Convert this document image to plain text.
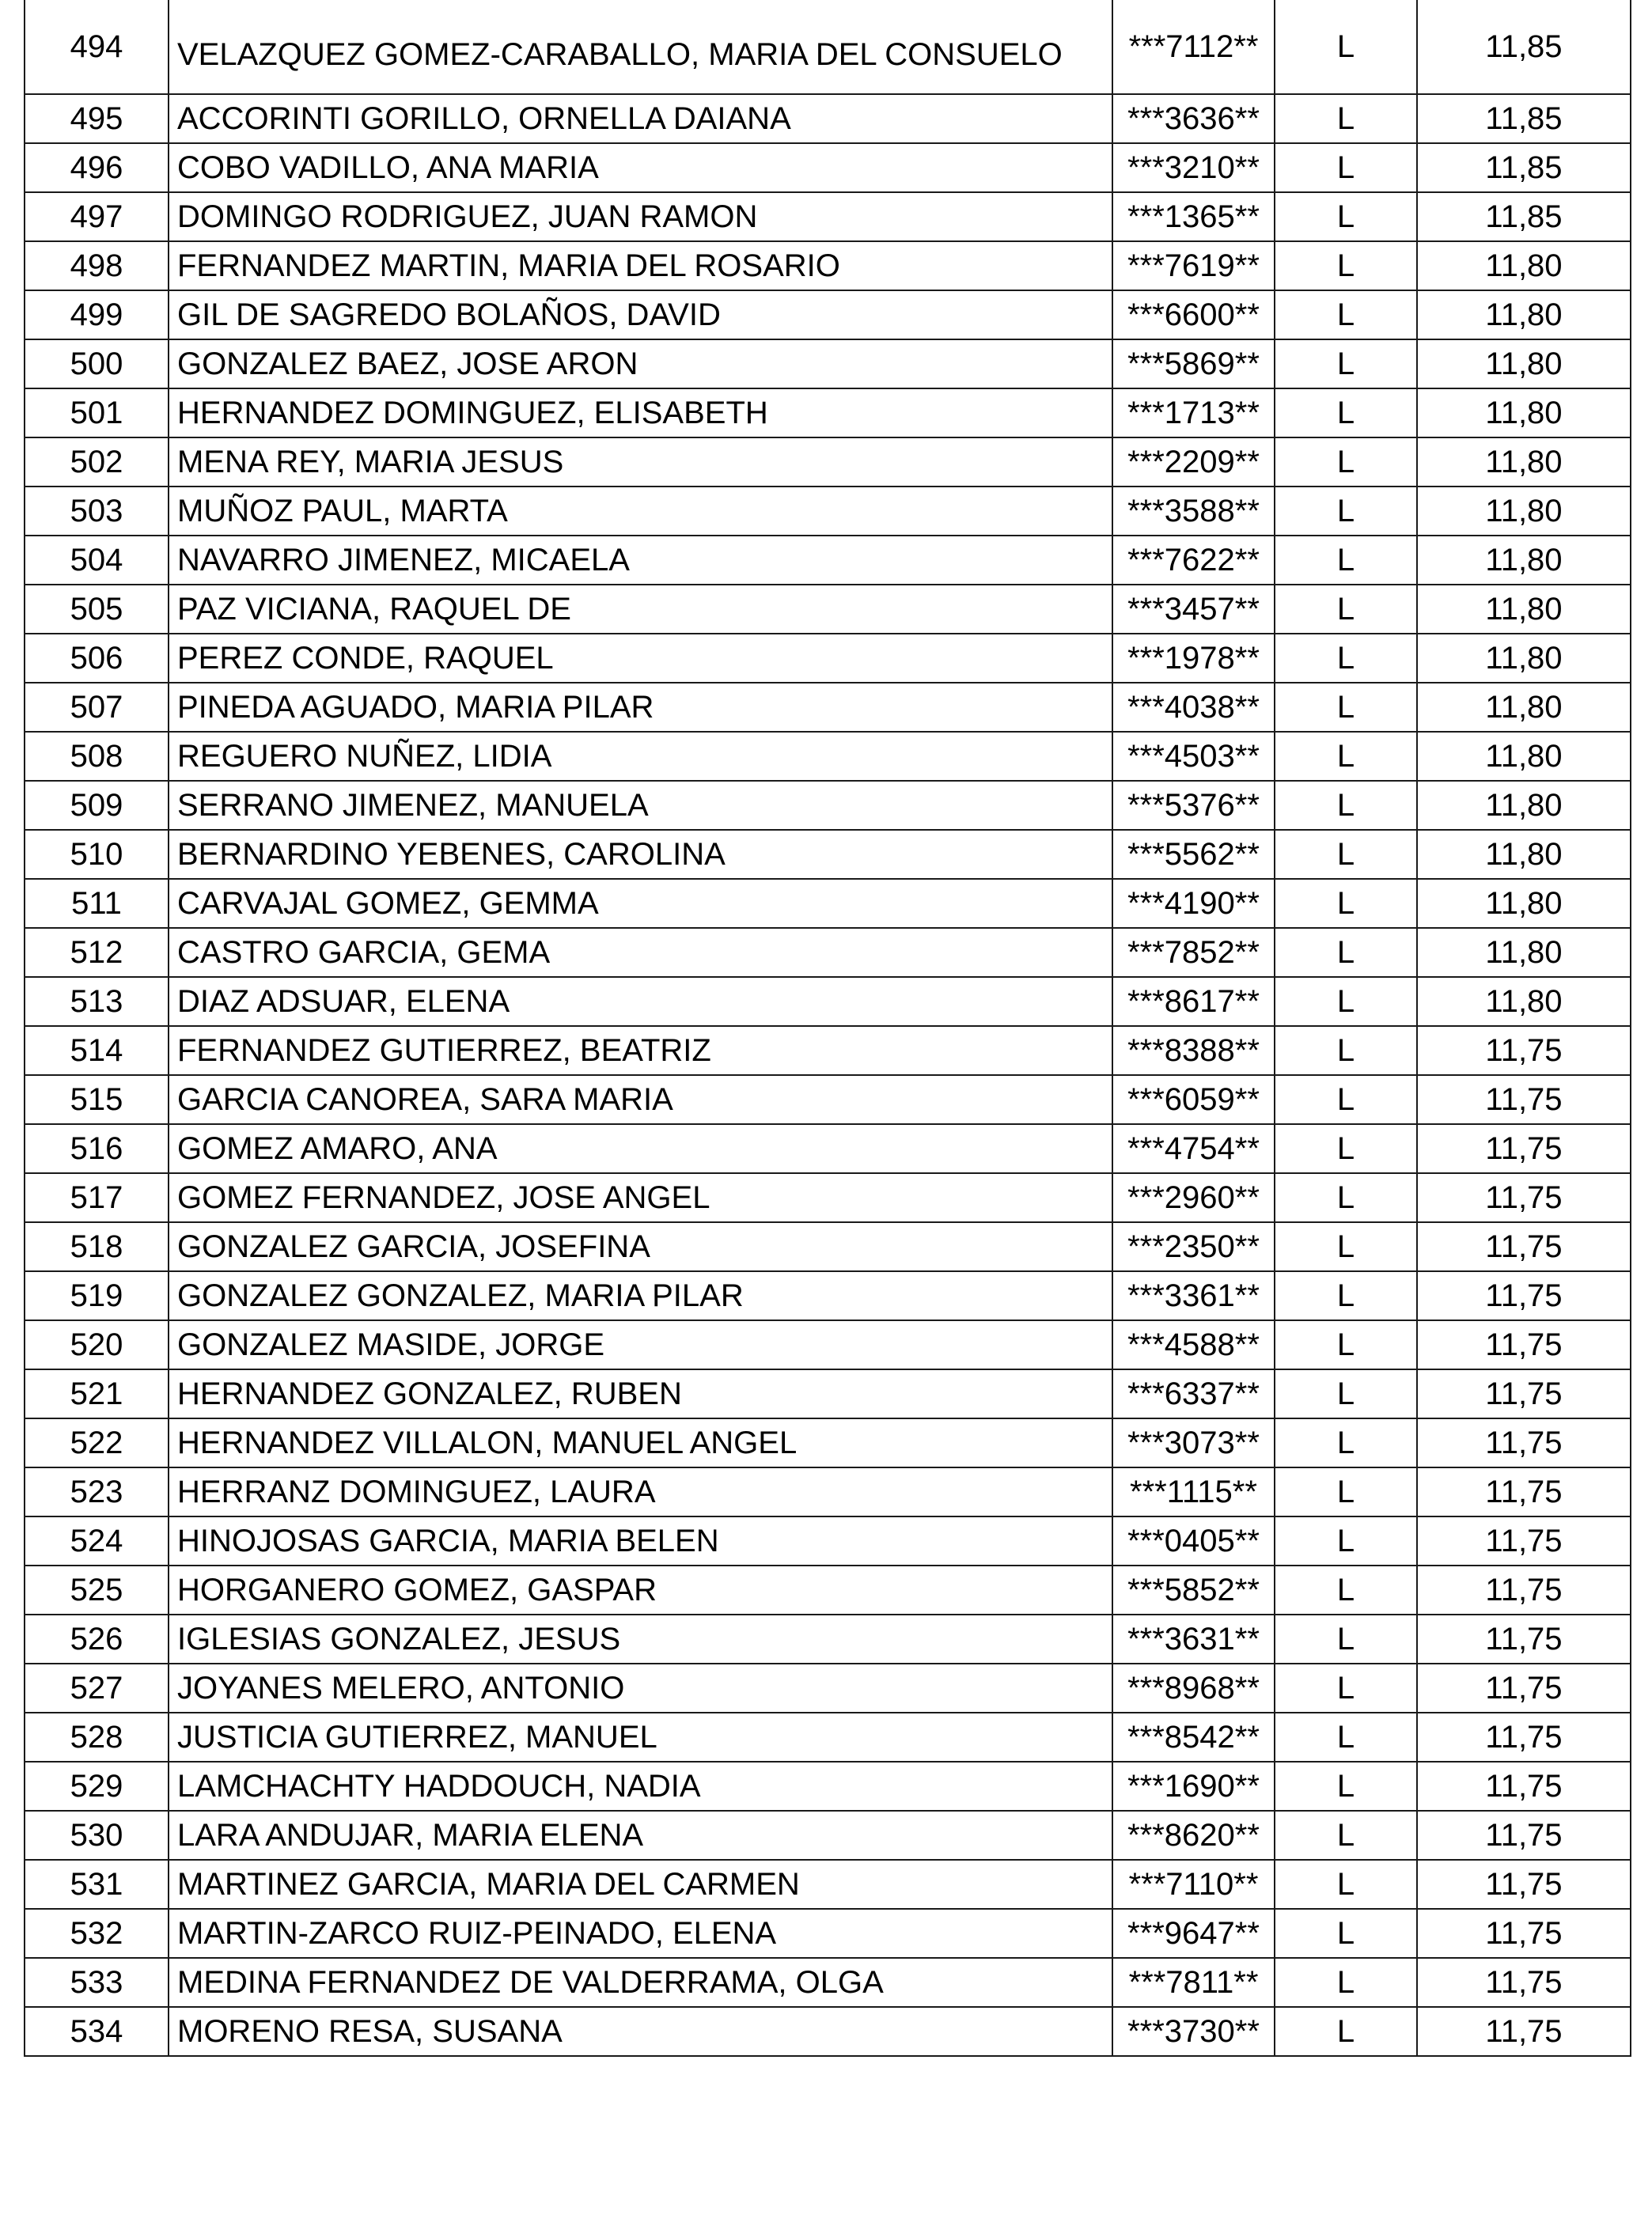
494	VELAZQUEZ GOMEZ-CARABALLO, MARIA DEL CONSUELO	***7112**	L	11,85
495	ACCORINTI GORILLO, ORNELLA DAIANA	***3636**	L	11,85
496	COBO VADILLO, ANA MARIA	***3210**	L	11,85
497	DOMINGO RODRIGUEZ, JUAN RAMON	***1365**	L	11,85
498	FERNANDEZ MARTIN, MARIA DEL ROSARIO	***7619**	L	11,80
499	GIL DE SAGREDO BOLAÑOS, DAVID	***6600**	L	11,80
500	GONZALEZ BAEZ, JOSE ARON	***5869**	L	11,80
501	HERNANDEZ DOMINGUEZ, ELISABETH	***1713**	L	11,80
502	MENA REY, MARIA JESUS	***2209**	L	11,80
503	MUÑOZ PAUL, MARTA	***3588**	L	11,80
504	NAVARRO JIMENEZ, MICAELA	***7622**	L	11,80
505	PAZ VICIANA, RAQUEL DE	***3457**	L	11,80
506	PEREZ CONDE, RAQUEL	***1978**	L	11,80
507	PINEDA AGUADO, MARIA PILAR	***4038**	L	11,80
508	REGUERO NUÑEZ, LIDIA	***4503**	L	11,80
509	SERRANO JIMENEZ, MANUELA	***5376**	L	11,80
510	BERNARDINO YEBENES, CAROLINA	***5562**	L	11,80
511	CARVAJAL GOMEZ, GEMMA	***4190**	L	11,80
512	CASTRO GARCIA, GEMA	***7852**	L	11,80
513	DIAZ ADSUAR, ELENA	***8617**	L	11,80
514	FERNANDEZ GUTIERREZ, BEATRIZ	***8388**	L	11,75
515	GARCIA CANOREA, SARA MARIA	***6059**	L	11,75
516	GOMEZ AMARO, ANA	***4754**	L	11,75
517	GOMEZ FERNANDEZ, JOSE ANGEL	***2960**	L	11,75
518	GONZALEZ GARCIA, JOSEFINA	***2350**	L	11,75
519	GONZALEZ GONZALEZ, MARIA PILAR	***3361**	L	11,75
520	GONZALEZ MASIDE, JORGE	***4588**	L	11,75
521	HERNANDEZ GONZALEZ, RUBEN	***6337**	L	11,75
522	HERNANDEZ VILLALON, MANUEL ANGEL	***3073**	L	11,75
523	HERRANZ DOMINGUEZ, LAURA	***1115**	L	11,75
524	HINOJOSAS GARCIA, MARIA BELEN	***0405**	L	11,75
525	HORGANERO GOMEZ, GASPAR	***5852**	L	11,75
526	IGLESIAS GONZALEZ, JESUS	***3631**	L	11,75
527	JOYANES MELERO, ANTONIO	***8968**	L	11,75
528	JUSTICIA GUTIERREZ, MANUEL	***8542**	L	11,75
529	LAMCHACHTY HADDOUCH, NADIA	***1690**	L	11,75
530	LARA ANDUJAR, MARIA ELENA	***8620**	L	11,75
531	MARTINEZ GARCIA, MARIA DEL CARMEN	***7110**	L	11,75
532	MARTIN-ZARCO RUIZ-PEINADO, ELENA	***9647**	L	11,75
533	MEDINA FERNANDEZ DE VALDERRAMA, OLGA	***7811**	L	11,75
534	MORENO RESA, SUSANA	***3730**	L	11,75
